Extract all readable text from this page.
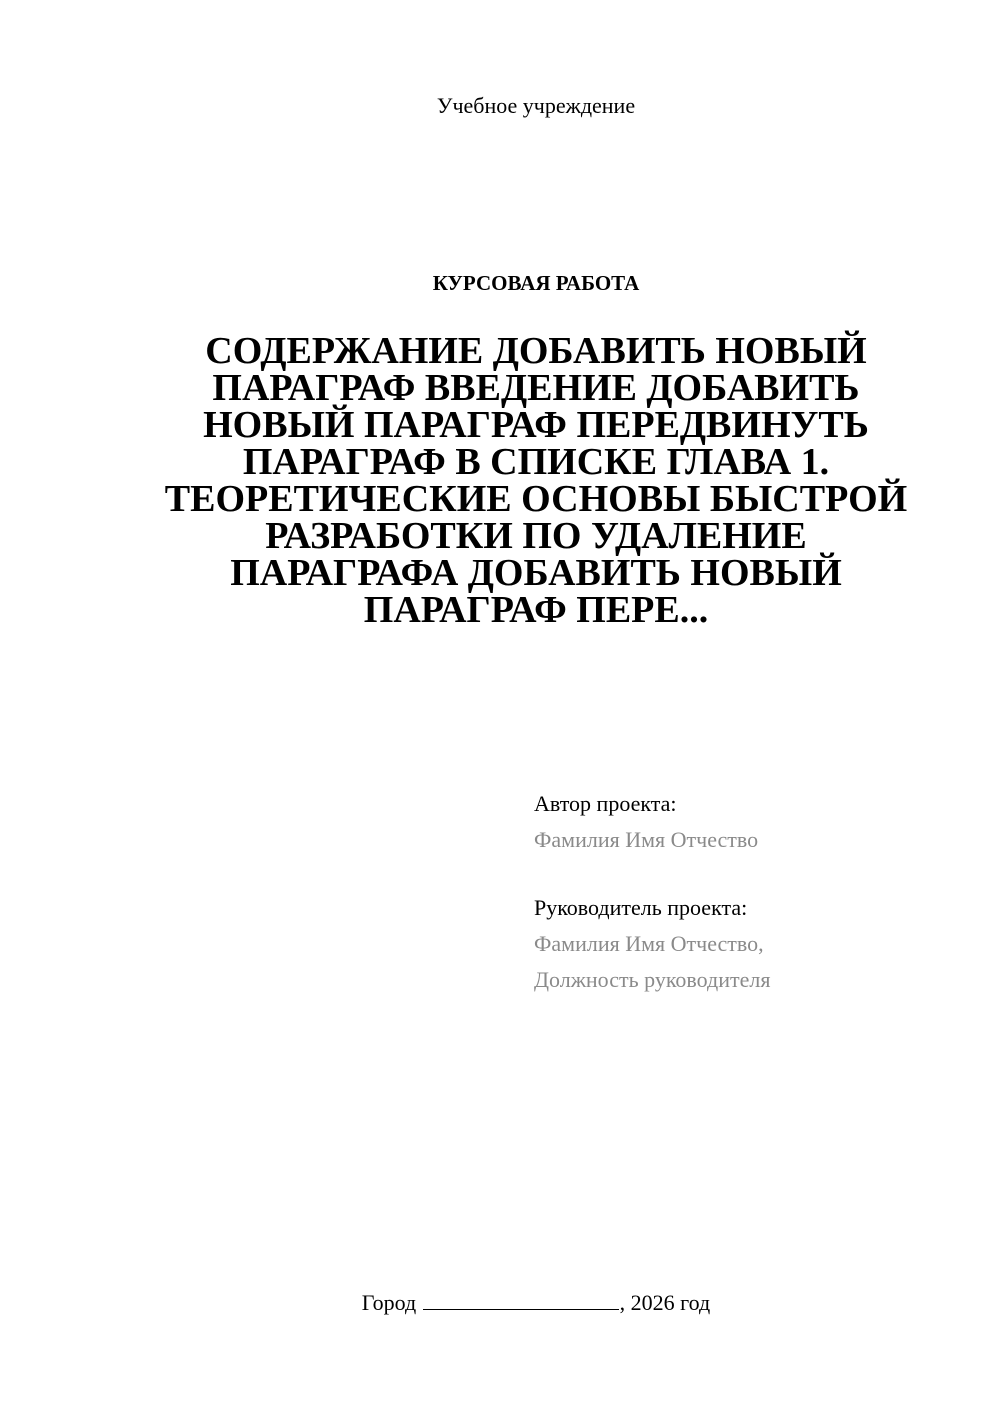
Учебное учреждение
КУРСОВАЯ РАБОТА
СОДЕРЖАНИЕ ДОБАВИТЬ НОВЫЙ ПАРАГРАФ ВВЕДЕНИЕ ДОБАВИТЬ НОВЫЙ ПАРАГРАФ ПЕРЕДВИНУТЬ ПАРАГРАФ В СПИСКЕ ГЛАВА 1. ТЕОРЕТИЧЕСКИЕ ОСНОВЫ БЫСТРОЙ РАЗРАБОТКИ ПО УДАЛЕНИЕ ПАРАГРАФА ДОБАВИТЬ НОВЫЙ ПАРАГРАФ ПЕРЕ...
Автор проекта:
Фамилия Имя Отчество
Руководитель проекта:
Фамилия Имя Отчество,
Должность руководителя
Город	, 2026 год
